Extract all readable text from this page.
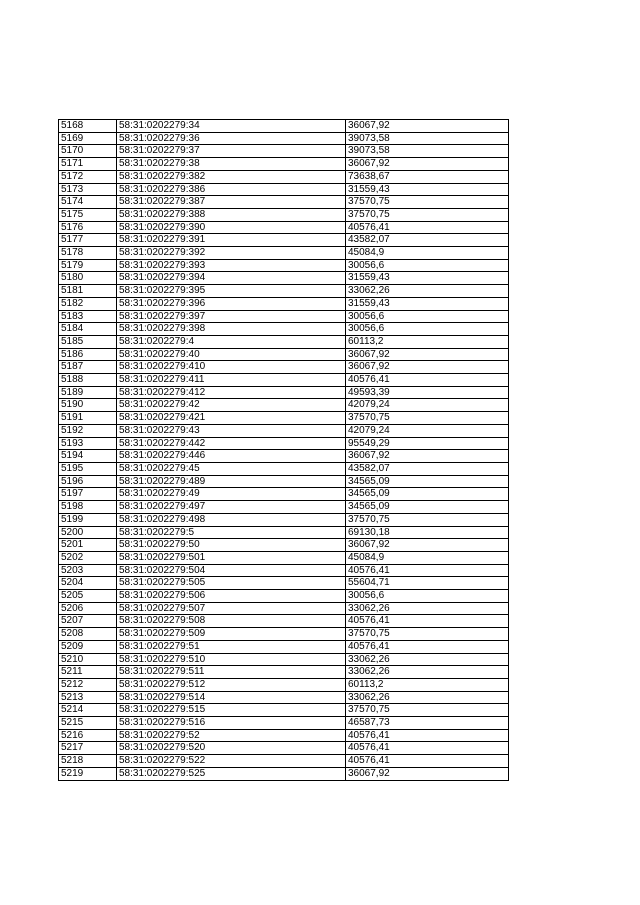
5168	58:31:0202279:34	36067,92
5169	58:31:0202279:36	39073,58
5170	58:31:0202279:37	39073,58
5171	58:31:0202279:38	36067,92
5172	58:31:0202279:382	73638,67
5173	58:31:0202279:386	31559,43
5174	58:31:0202279:387	37570,75
5175	58:31:0202279:388	37570,75
5176	58:31:0202279:390	40576,41
5177	58:31:0202279:391	43582,07
5178	58:31:0202279:392	45084,9
5179	58:31:0202279:393	30056,6
5180	58:31:0202279:394	31559,43
5181	58:31:0202279:395	33062,26
5182	58:31:0202279:396	31559,43
5183	58:31:0202279:397	30056,6
5184	58:31:0202279:398	30056,6
5185	58:31:0202279:4	60113,2
5186	58:31:0202279:40	36067,92
5187	58:31:0202279:410	36067,92
5188	58:31:0202279:411	40576,41
5189	58:31:0202279:412	49593,39
5190	58:31:0202279:42	42079,24
5191	58:31:0202279:421	37570,75
5192	58:31:0202279:43	42079,24
5193	58:31:0202279:442	95549,29
5194	58:31:0202279:446	36067,92
5195	58:31:0202279:45	43582,07
5196	58:31:0202279:489	34565,09
5197	58:31:0202279:49	34565,09
5198	58:31:0202279:497	34565,09
5199	58:31:0202279:498	37570,75
5200	58:31:0202279:5	69130,18
5201	58:31:0202279:50	36067,92
5202	58:31:0202279:501	45084,9
5203	58:31:0202279:504	40576,41
5204	58:31:0202279:505	55604,71
5205	58:31:0202279:506	30056,6
5206	58:31:0202279:507	33062,26
5207	58:31:0202279:508	40576,41
5208	58:31:0202279:509	37570,75
5209	58:31:0202279:51	40576,41
5210	58:31:0202279:510	33062,26
5211	58:31:0202279:511	33062,26
5212	58:31:0202279:512	60113,2
5213	58:31:0202279:514	33062,26
5214	58:31:0202279:515	37570,75
5215	58:31:0202279:516	46587,73
5216	58:31:0202279:52	40576,41
5217	58:31:0202279:520	40576,41
5218	58:31:0202279:522	40576,41
5219	58:31:0202279:525	36067,92
